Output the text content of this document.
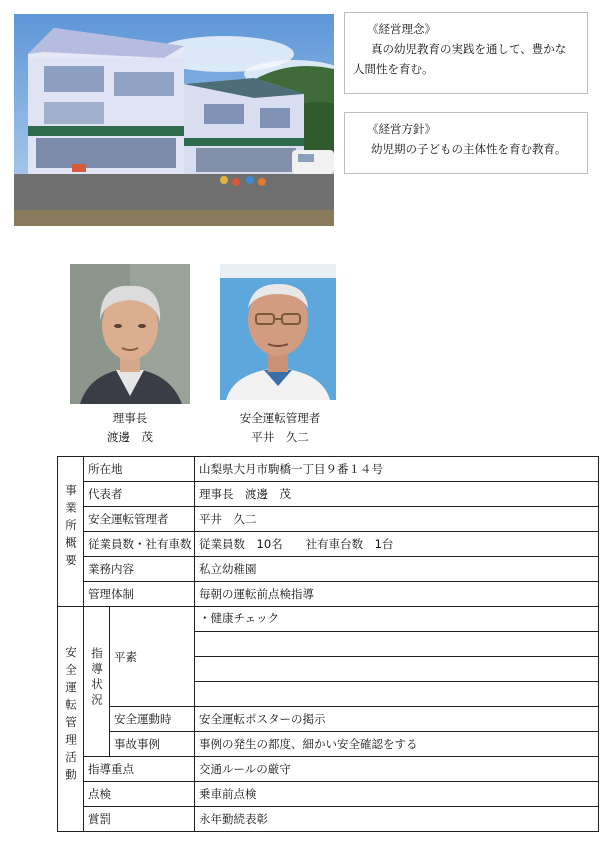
《経営理念》
真の幼児教育の実践を通して、豊かな
人間性を育む。
《経営方針》
幼児期の子どもの主体性を育む教育。
理事長
渡邊　茂
安全運転管理者
平井　久二
事業所概要	所在地		山梨県大月市駒橋一丁目９番１４号
	代表者		理事長　渡邊　茂
	安全運転管理者		平井　久二
	従業員数・社有車数		従業員数　10名　　社有車台数　1台
	業務内容		私立幼稚園
	管理体制		毎朝の運転前点検指導
安全運転管理活動	指導状況	平素	・健康チェック

		安全運動時	安全運転ポスターの掲示
		事故事例	事例の発生の都度、細かい安全確認をする
	指導重点		交通ルールの厳守
	点検		乗車前点検
	賞罰		永年勤続表彰
